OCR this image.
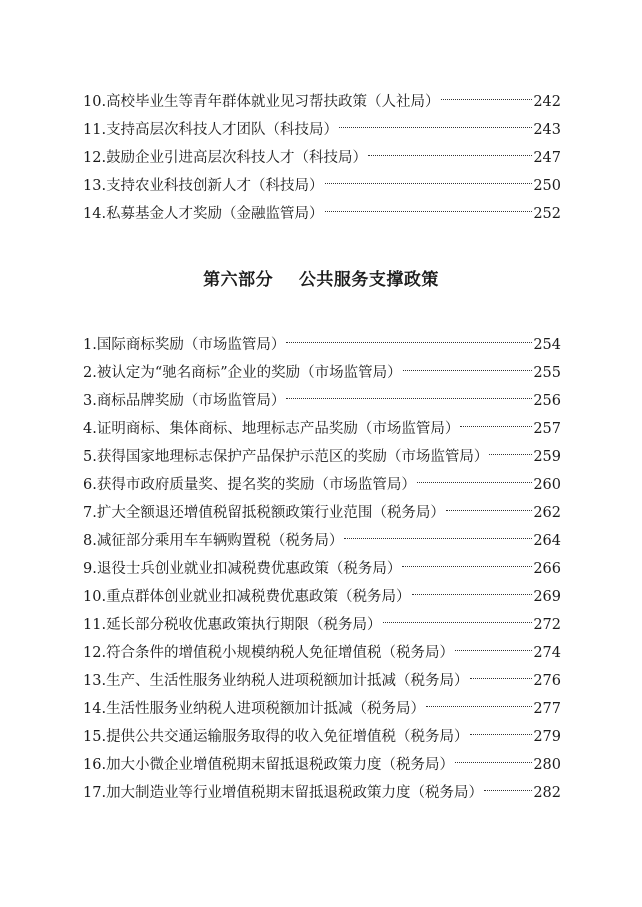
10. 高校毕业生等青年群体就业见习帮扶政策（人社局）	242
11. 支持高层次科技人才团队（科技局）	243
12. 鼓励企业引进高层次科技人才（科技局）	247
13. 支持农业科技创新人才（科技局）	250
14. 私募基金人才奖励（金融监管局）	252
第六部分    公共服务支撑政策
1. 国际商标奖励（市场监管局）	254
2. 被认定为“驰名商标”企业的奖励（市场监管局）	255
3. 商标品牌奖励（市场监管局）	256
4. 证明商标、集体商标、地理标志产品奖励（市场监管局）	257
5. 获得国家地理标志保护产品保护示范区的奖励（市场监管局）	259
6. 获得市政府质量奖、提名奖的奖励（市场监管局）	260
7. 扩大全额退还增值税留抵税额政策行业范围（税务局）	262
8. 减征部分乘用车车辆购置税（税务局）	264
9. 退役士兵创业就业扣减税费优惠政策（税务局）	266
10. 重点群体创业就业扣减税费优惠政策（税务局）	269
11. 延长部分税收优惠政策执行期限（税务局）	272
12. 符合条件的增值税小规模纳税人免征增值税（税务局）	274
13. 生产、生活性服务业纳税人进项税额加计抵减（税务局）	276
14. 生活性服务业纳税人进项税额加计抵减（税务局）	277
15. 提供公共交通运输服务取得的收入免征增值税（税务局）	279
16. 加大小微企业增值税期末留抵退税政策力度（税务局）	280
17. 加大制造业等行业增值税期末留抵退税政策力度（税务局）	282
